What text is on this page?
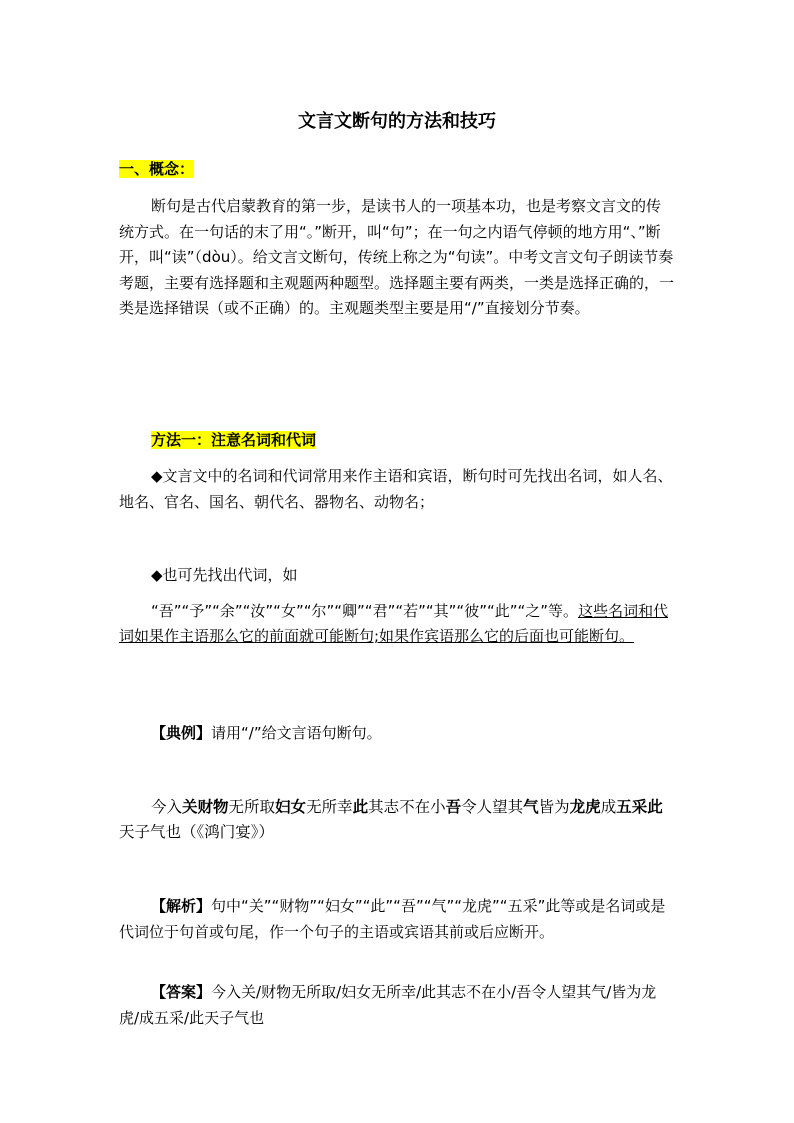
文言文断句的方法和技巧
一、概念：

断句是古代启蒙教育的第一步，是读书人的一项基本功，也是考察文言文的传统方式。在一句话的末了用“。”断开，叫“句”；在一句之内语气停顿的地方用“、”断开，叫“读”（dòu）。给文言文断句，传统上称之为“句读”。中考文言文句子朗读节奏考题，主要有选择题和主观题两种题型。选择题主要有两类，一类是选择正确的，一类是选择错误（或不正确）的。主观题类型主要是用“/”直接划分节奏。

方法一：注意名词和代词

◆文言文中的名词和代词常用来作主语和宾语，断句时可先找出名词，如人名、地名、官名、国名、朝代名、器物名、动物名；

◆也可先找出代词，如

“吾”“予”“余”“汝”“女”“尔”“卿”“君”“若”“其”“彼”“此”“之”等。这些名词和代词如果作主语那么它的前面就可能断句;如果作宾语那么它的后面也可能断句。

【典例】请用“/”给文言语句断句。

今入关财物无所取妇女无所幸此其志不在小吾令人望其气皆为龙虎成五采此天子气也（《鸿门宴》）

【解析】句中“关”“财物”“妇女”“此”“吾”“气”“龙虎”“五采”此等或是名词或是代词位于句首或句尾，作一个句子的主语或宾语其前或后应断开。

【答案】今入关/财物无所取/妇女无所幸/此其志不在小/吾令人望其气/皆为龙虎/成五采/此天子气也
